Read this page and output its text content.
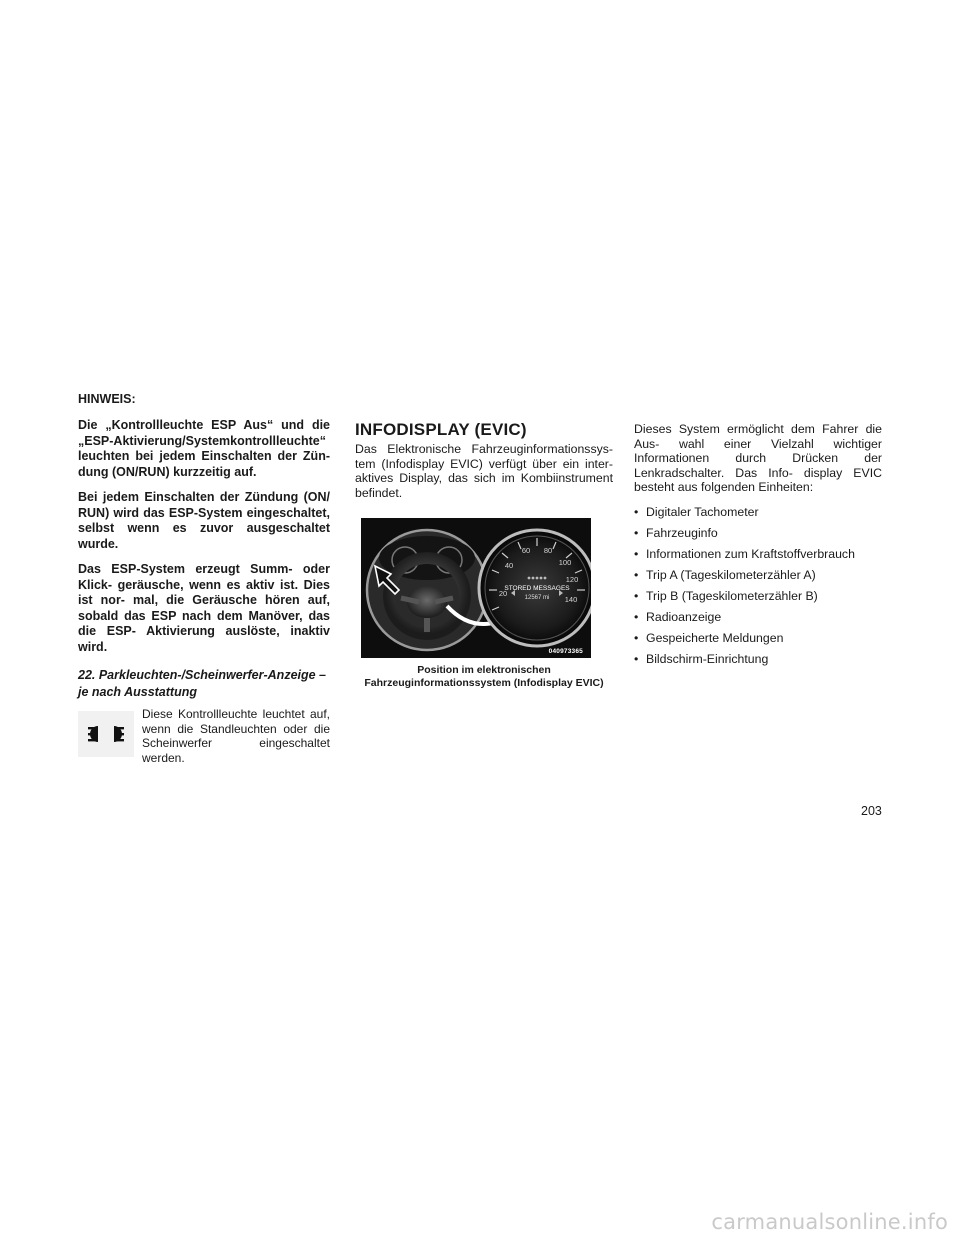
HINWEIS:

Die „Kontrollleuchte ESP Aus“ und die „ESP-Aktivierung/Systemkontrollleuchte“ leuchten bei jedem Einschalten der Zün- dung (ON/RUN) kurzzeitig auf.

Bei jedem Einschalten der Zündung (ON/ RUN) wird das ESP-System eingeschaltet, selbst wenn es zuvor ausgeschaltet wurde.

Das ESP-System erzeugt Summ- oder Klick- geräusche, wenn es aktiv ist. Dies ist nor- mal, die Geräusche hören auf, sobald das ESP nach dem Manöver, das die ESP- Aktivierung auslöste, inaktiv wird.

22. Parkleuchten-/Scheinwerfer-Anzeige – je nach Ausstattung

Diese Kontrollleuchte leuchtet auf, wenn die Standleuchten oder die Scheinwerfer eingeschaltet werden.
INFODISPLAY (EVIC)

Das Elektronische Fahrzeuginformationssys- tem (Infodisplay EVIC) verfügt über ein inter- aktives Display, das sich im Kombiinstrument befindet.

20
40
60 80
100
120
140
STORED MESSAGES
12567 mi
040973365
Position im elektronischen
Fahrzeuginformationssystem (Infodisplay EVIC)

Dieses System ermöglicht dem Fahrer die Aus- wahl einer Vielzahl wichtiger Informationen durch Drücken der Lenkradschalter. Das Info- display EVIC besteht aus folgenden Einheiten:

• Digitaler Tachometer
• Fahrzeuginfo
• Informationen zum Kraftstoffverbrauch
• Trip A (Tageskilometerzähler A)
• Trip B (Tageskilometerzähler B)
• Radioanzeige
• Gespeicherte Meldungen
• Bildschirm-Einrichtung
203
carmanualsonline.info
